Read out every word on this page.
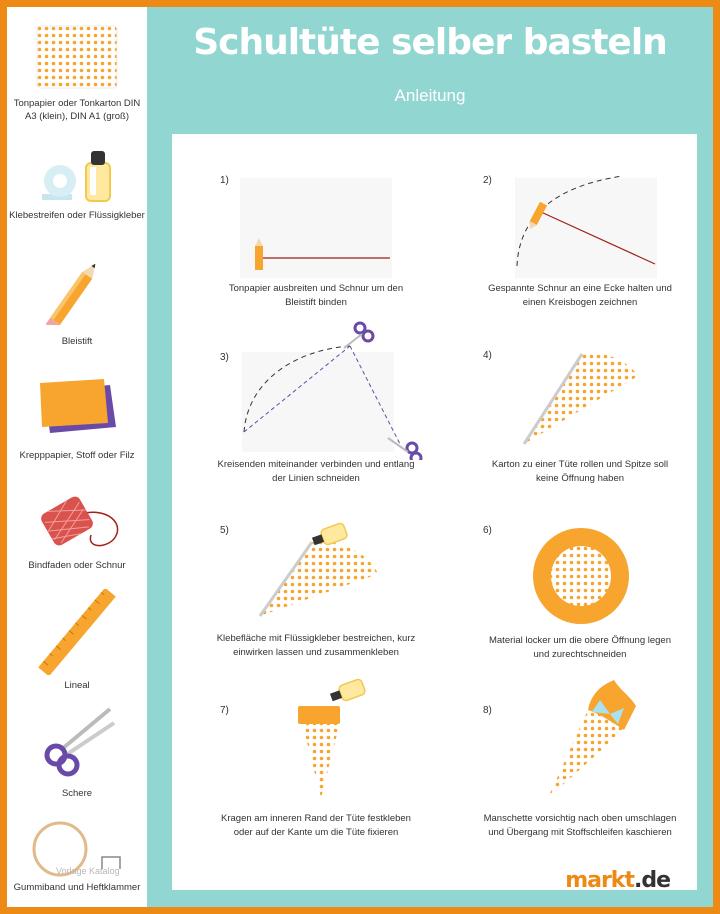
Tonpapier oder Tonkarton DIN A3 (klein), DIN A1 (groß)
Klebestreifen oder Flüssigkleber
Bleistift
Krepppapier, Stoff oder Filz
Bindfaden oder Schnur
Lineal
Schere
Gummiband und Heftklammer
Schultüte selber basteln
Anleitung
1)
Tonpapier ausbreiten und Schnur um den Bleistift binden
2)
Gespannte Schnur an eine Ecke halten und einen Kreisbogen zeichnen
3)
Kreisenden miteinander verbinden und entlang der Linien schneiden
4)
Karton zu einer Tüte rollen und Spitze soll keine Öffnung haben
5)
Klebefläche mit Flüssigkleber bestreichen, kurz einwirken lassen und zusammenkleben
6)
Material locker um die obere Öffnung legen und zurechtschneiden
7)
Kragen am inneren Rand der Tüte festkleben oder auf der Kante um die Tüte fixieren
8)
Manschette vorsichtig nach oben umschlagen und Übergang mit Stoffschleifen kaschieren
Vorlage Katalog	markt.de
